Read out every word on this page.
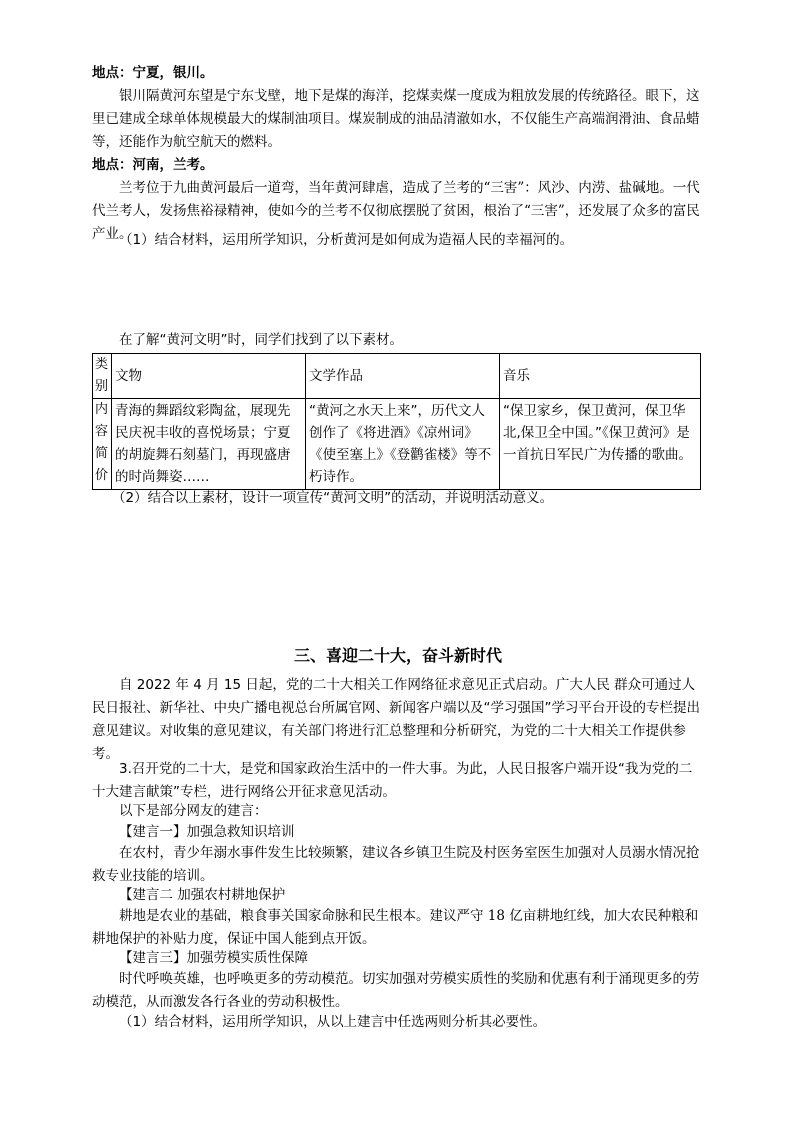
地点：宁夏，银川。

银川隔黄河东望是宁东戈壁，地下是煤的海洋，挖煤卖煤一度成为粗放发展的传统路径。眼下，这里已建成全球单体规模最大的煤制油项目。煤炭制成的油品清澈如水，不仅能生产高端润滑油、食品蜡等，还能作为航空航天的燃料。

地点：河南，兰考。

兰考位于九曲黄河最后一道弯，当年黄河肆虐，造成了兰考的“三害”：风沙、内涝、盐碱地。一代代兰考人，发扬焦裕禄精神，使如今的兰考不仅彻底摆脱了贫困，根治了“三害”，还发展了众多的富民产业。

（1）结合材料，运用所学知识，分析黄河是如何成为造福人民的幸福河的。

在了解“黄河文明”时，同学们找到了以下素材。

类别	文物	文学作品	音乐
内容简价	青海的舞蹈纹彩陶盆，展现先民庆祝丰收的喜悦场景；宁夏的胡旋舞石刻墓门，再现盛唐的时尚舞姿……	“黄河之水天上来”，历代文人创作了《将进酒》《凉州词》《使至塞上》《登鹳雀楼》等不朽诗作。	“保卫家乡，保卫黄河，保卫华北,保卫全中国。”《保卫黄河》是一首抗日军民广为传播的歌曲。

（2）结合以上素材，设计一项宣传“黄河文明”的活动，并说明活动意义。

三、喜迎二十大，奋斗新时代

自 2022 年 4 月 15 日起，党的二十大相关工作网络征求意见正式启动。广大人民 群众可通过人民日报社、新华社、中央广播电视总台所属官网、新闻客户端以及“学习强国”学习平台开设的专栏提出意见建议。对收集的意见建议，有关部门将进行汇总整理和分析研究，为党的二十大相关工作提供参考。

3.召开党的二十大，是党和国家政治生活中的一件大事。为此，人民日报客户端开设“我为党的二十大建言献策”专栏，进行网络公开征求意见活动。

以下是部分网友的建言：

【建言一】加强急救知识培训

在农村，青少年溺水事件发生比较频繁，建议各乡镇卫生院及村医务室医生加强对人员溺水情况抢救专业技能的培训。

【建言二 加强农村耕地保护

耕地是农业的基础，粮食事关国家命脉和民生根本。建议严守 18 亿亩耕地红线，加大农民种粮和耕地保护的补贴力度，保证中国人能到点开饭。

【建言三】加强劳模实质性保障

时代呼唤英雄，也呼唤更多的劳动模范。切实加强对劳模实质性的奖励和优惠有利于涌现更多的劳动模范，从而激发各行各业的劳动积极性。

（1）结合材料，运用所学知识，从以上建言中任选两则分析其必要性。
